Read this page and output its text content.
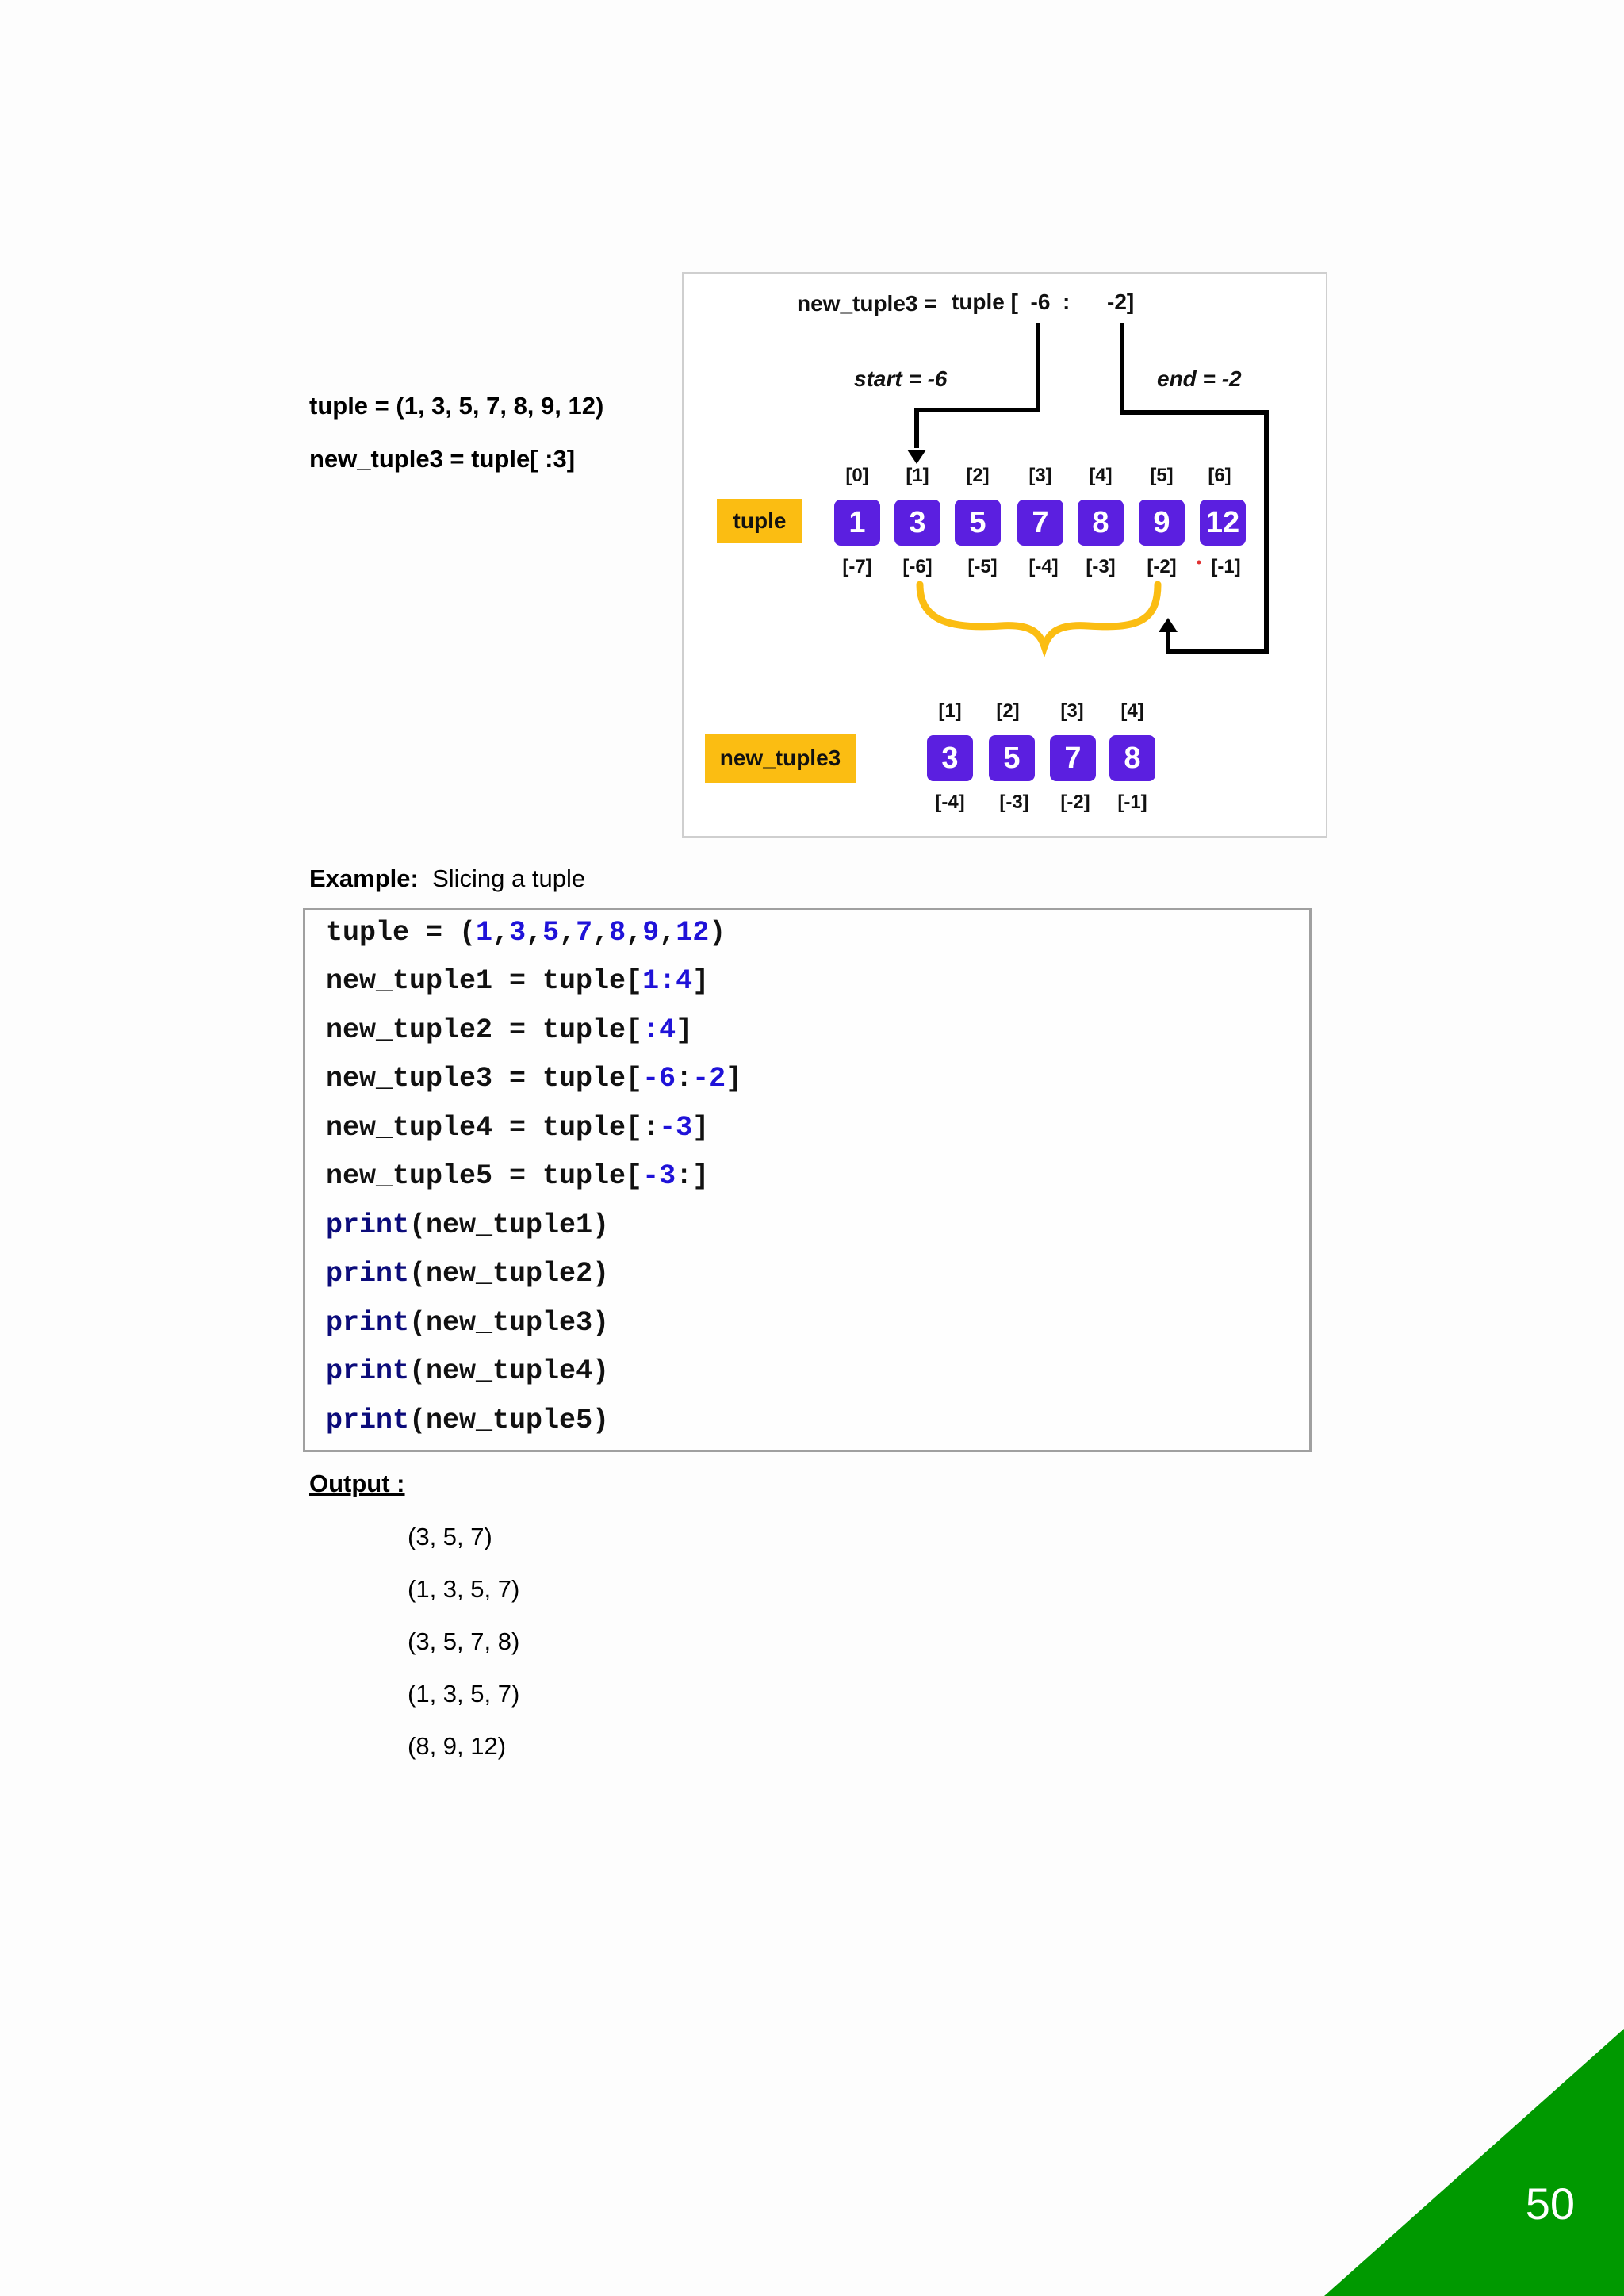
tuple = (1, 3, 5, 7, 8, 9, 12)
new_tuple3 = tuple[ :3]
new_tuple3 = tuple [  -6  :      -2]
start = -6	end = -2
tuple
new_tuple3
[0] [1] [2] [3] [4] [5] [6]
1	3	5	7	8	9	12
[-7] [-6] [-5] [-4] [-3] [-2] [-1]
[1] [2] [3] [4]
3	5	7	8
[-4] [-3] [-2] [-1]
Example: Slicing a tuple
tuple = (1,3,5,7,8,9,12)
new_tuple1 = tuple[1:4]
new_tuple2 = tuple[:4]
new_tuple3 = tuple[-6:-2]
new_tuple4 = tuple[:-3]
new_tuple5 = tuple[-3:]
print(new_tuple1)
print(new_tuple2)
print(new_tuple3)
print(new_tuple4)
print(new_tuple5)
Output :
(3, 5, 7)
(1, 3, 5, 7)
(3, 5, 7, 8)
(1, 3, 5, 7)
(8, 9, 12)
50
